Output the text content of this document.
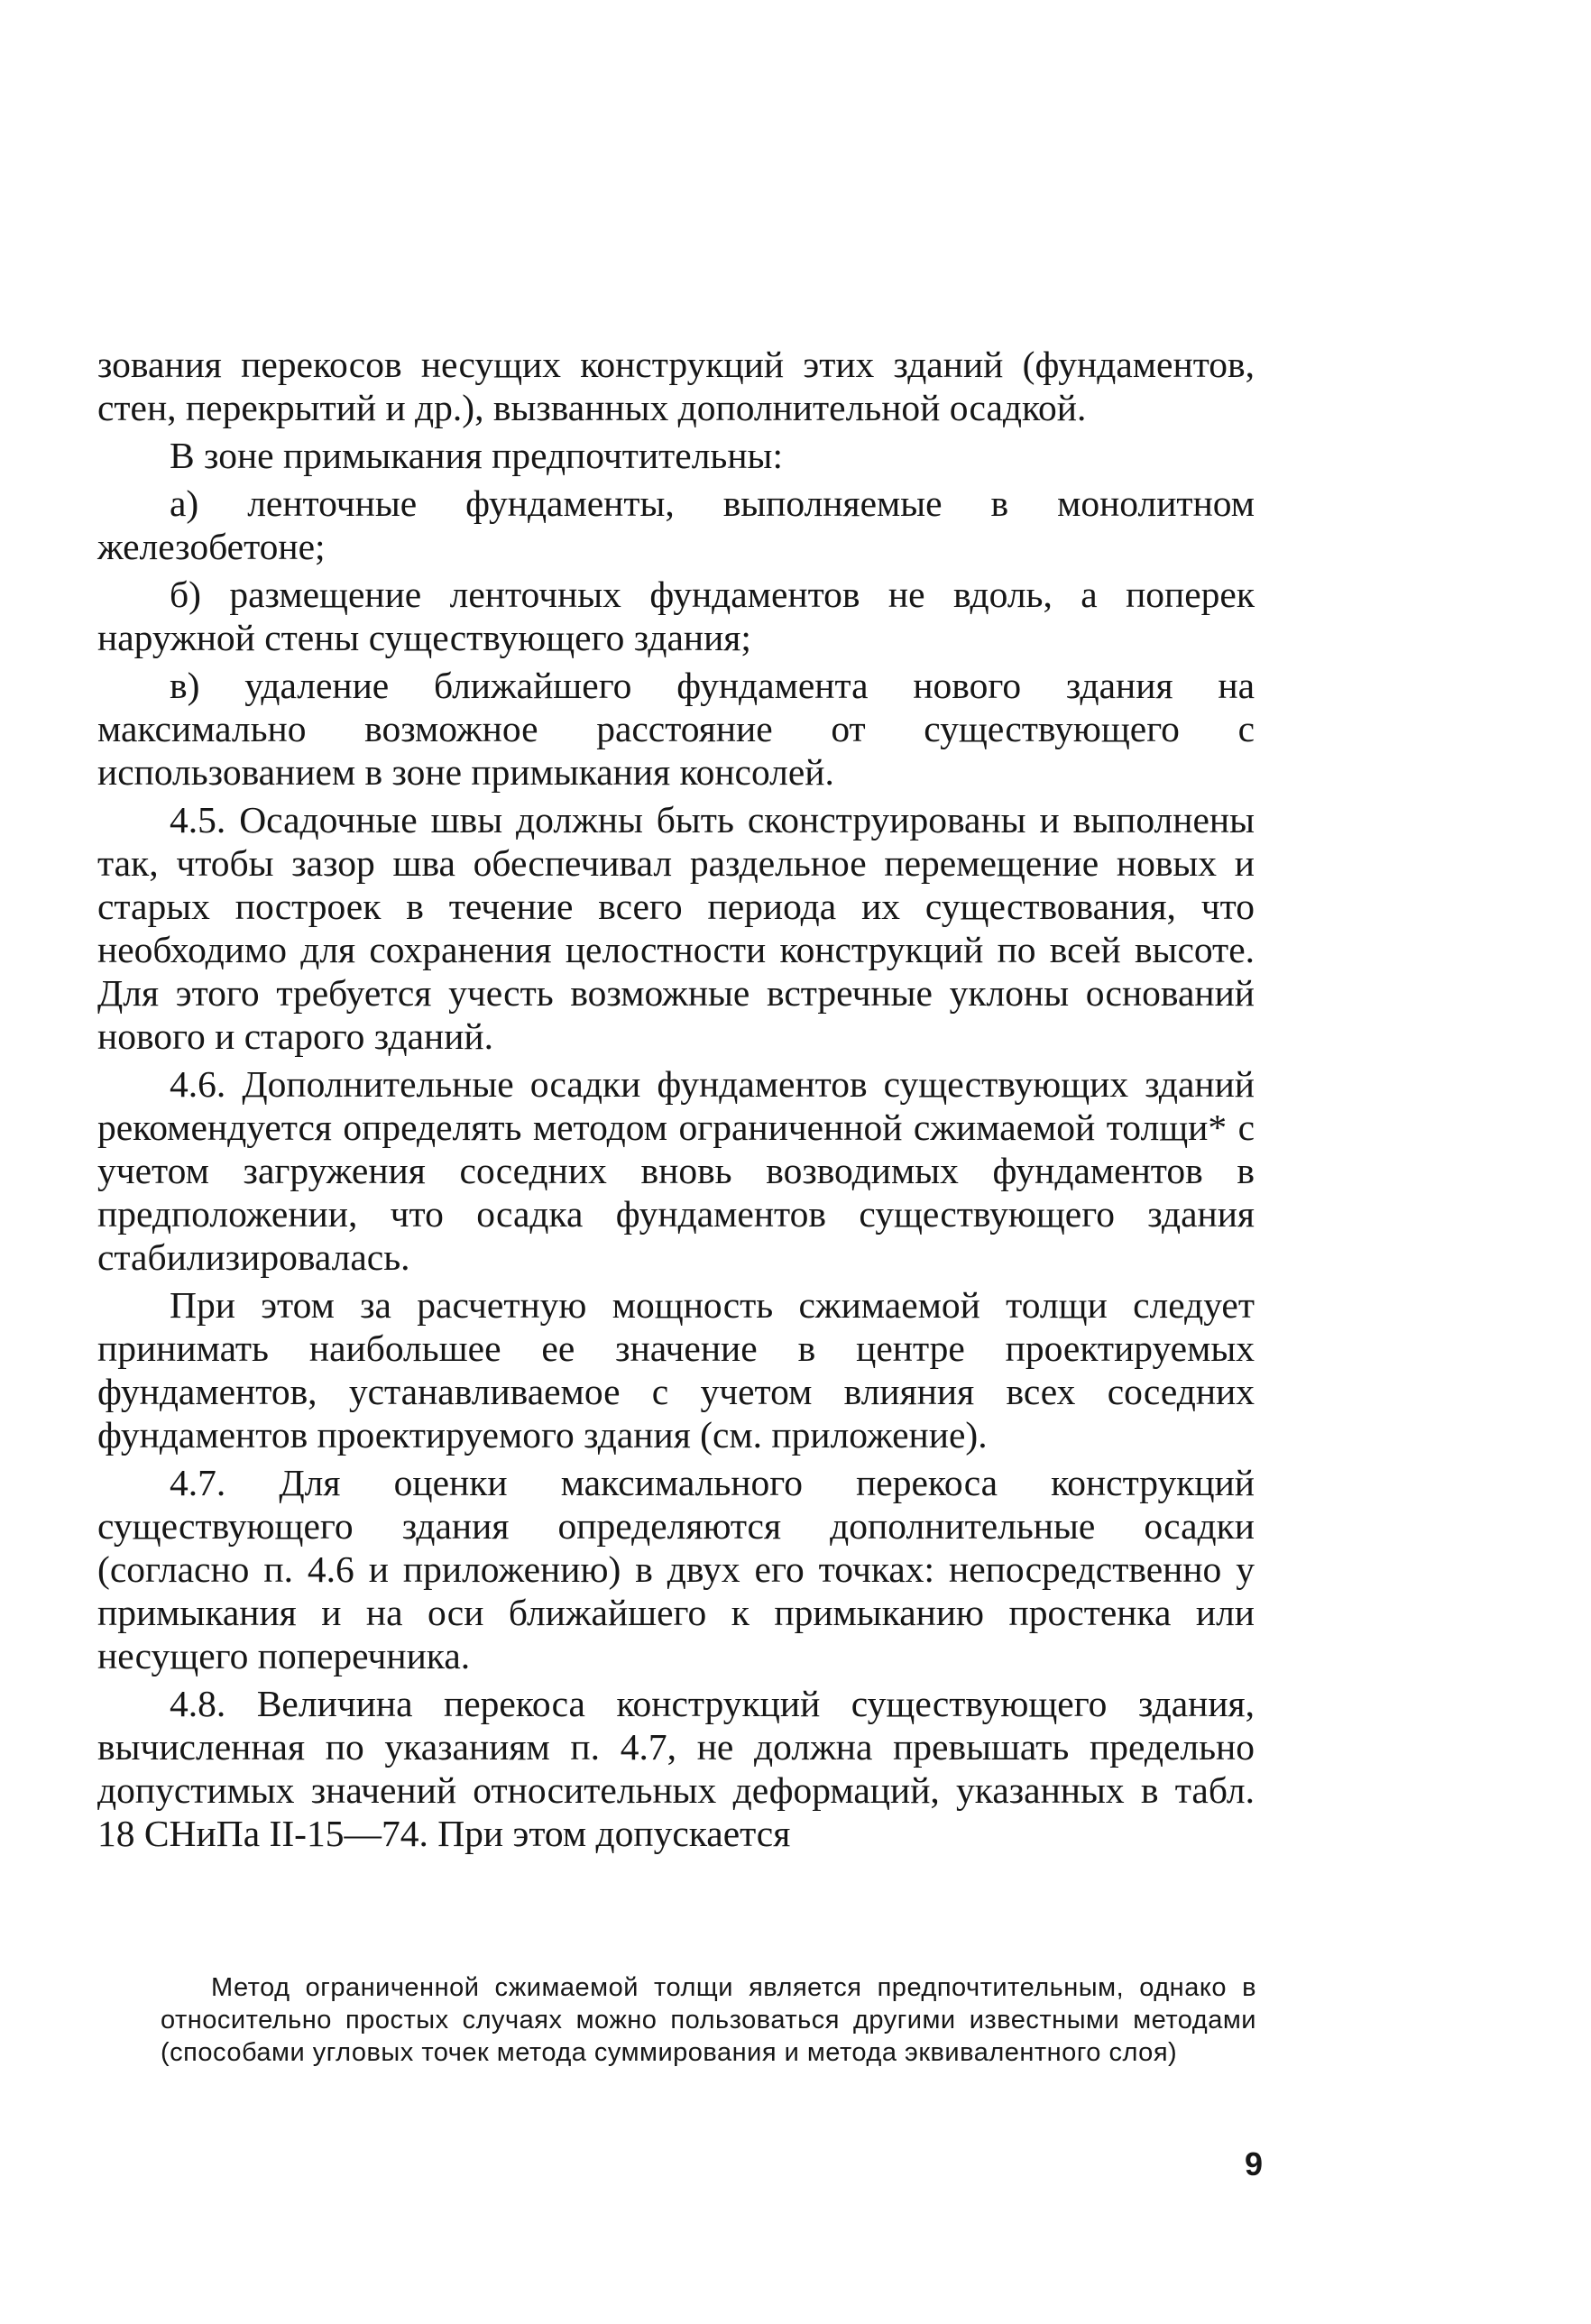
зования перекосов несущих конструкций этих зданий (фундаментов, стен, перекрытий и др.), вызванных дополнительной осадкой.

В зоне примыкания предпочтительны:

а) ленточные фундаменты, выполняемые в монолитном железобетоне;

б) размещение ленточных фундаментов не вдоль, а поперек наружной стены существующего здания;

в) удаление ближайшего фундамента нового здания на максимально возможное расстояние от существующего с использованием в зоне примыкания консолей.

4.5. Осадочные швы должны быть сконструированы и выполнены так, чтобы зазор шва обеспечивал раздельное перемещение новых и старых построек в течение всего периода их существования, что необходимо для сохранения целостности конструкций по всей высоте. Для этого требуется учесть возможные встречные уклоны оснований нового и старого зданий.

4.6. Дополнительные осадки фундаментов существующих зданий рекомендуется определять методом ограниченной сжимаемой толщи* с учетом загружения соседних вновь возводимых фундаментов в предположении, что осадка фундаментов существующего здания стабилизировалась.

При этом за расчетную мощность сжимаемой толщи следует принимать наибольшее ее значение в центре проектируемых фундаментов, устанавливаемое с учетом влияния всех соседних фундаментов проектируемого здания (см. приложение).

4.7. Для оценки максимального перекоса конструкций существующего здания определяются дополнительные осадки (согласно п. 4.6 и приложению) в двух его точках: непосредственно у примыкания и на оси ближайшего к примыканию простенка или несущего поперечника.

4.8. Величина перекоса конструкций существующего здания, вычисленная по указаниям п. 4.7, не должна превышать предельно допустимых значений относительных деформаций, указанных в табл. 18 СНиПа II-15—74. При этом допускается

Метод ограниченной сжимаемой толщи является предпочтительным, однако в относительно простых случаях можно пользоваться другими известными методами (способами угловых точек метода суммирования и метода эквивалентного слоя)

9
